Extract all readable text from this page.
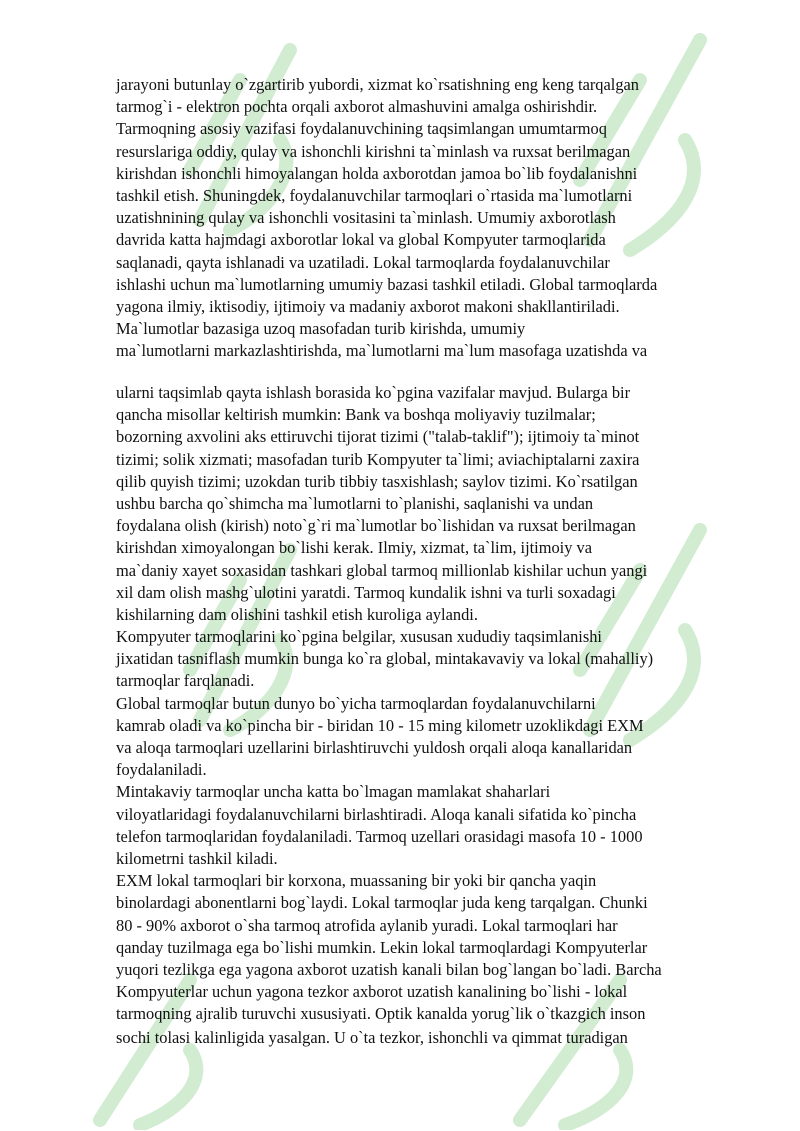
jarayoni butunlay o`zgartirib yubordi, xizmat ko`rsatishning eng keng tarqalgan
tarmog`i - elektron pochta orqali axborot almashuvini amalga oshirishdir.
Tarmoqning asosiy vazifasi foydalanuvchining taqsimlangan umumtarmoq
resurslariga oddiy, qulay va ishonchli kirishni ta`minlash va ruxsat berilmagan
kirishdan ishonchli himoyalangan holda axborotdan jamoa bo`lib foydalanishni
tashkil etish. Shuningdek, foydalanuvchilar tarmoqlari o`rtasida ma`lumotlarni
uzatishnining qulay va ishonchli vositasini ta`minlash. Umumiy axborotlash
davrida katta hajmdagi axborotlar lokal va global Kompyuter tarmoqlarida
saqlanadi, qayta ishlanadi va uzatiladi. Lokal tarmoqlarda foydalanuvchilar
ishlashi uchun ma`lumotlarning umumiy bazasi tashkil etiladi. Global tarmoqlarda
yagona ilmiy, iktisodiy, ijtimoiy va madaniy axborot makoni shakllantiriladi.
Ma`lumotlar bazasiga uzoq masofadan turib kirishda, umumiy
ma`lumotlarni markazlashtirishda, ma`lumotlarni ma`lum masofaga uzatishda va
ularni taqsimlab qayta ishlash borasida ko`pgina vazifalar mavjud. Bularga bir
qancha misollar keltirish mumkin: Bank va boshqa moliyaviy tuzilmalar;
bozorning axvolini aks ettiruvchi tijorat tizimi ("talab-taklif"); ijtimoiy ta`minot
tizimi; solik xizmati; masofadan turib Kompyuter ta`limi; aviachiptalarni zaxira
qilib quyish tizimi; uzokdan turib tibbiy tasxishlash; saylov tizimi. Ko`rsatilgan
ushbu barcha qo`shimcha ma`lumotlarni to`planishi, saqlanishi va undan
foydalana olish (kirish) noto`g`ri ma`lumotlar bo`lishidan va ruxsat berilmagan
kirishdan ximoyalongan bo`lishi kerak. Ilmiy, xizmat, ta`lim, ijtimoiy va
ma`daniy xayet soxasidan tashkari global tarmoq millionlab kishilar uchun yangi
xil dam olish mashg`ulotini yaratdi. Tarmoq kundalik ishni va turli soxadagi
kishilarning dam olishini tashkil etish kuroliga aylandi.
Kompyuter tarmoqlarini ko`pgina belgilar, xususan xududiy taqsimlanishi
jixatidan tasniflash mumkin bunga ko`ra global, mintakavaviy va lokal (mahalliy)
tarmoqlar farqlanadi.
Global tarmoqlar butun dunyo bo`yicha tarmoqlardan foydalanuvchilarni
kamrab oladi va ko`pincha bir - biridan 10 - 15 ming kilometr uzoklikdagi EXM
va aloqa tarmoqlari uzellarini birlashtiruvchi yuldosh orqali aloqa kanallaridan
foydalaniladi.
Mintakaviy tarmoqlar uncha katta bo`lmagan mamlakat shaharlari
viloyatlaridagi foydalanuvchilarni birlashtiradi. Aloqa kanali sifatida ko`pincha
telefon tarmoqlaridan foydalaniladi. Tarmoq uzellari orasidagi masofa 10 - 1000
kilometrni tashkil kiladi.
EXM lokal tarmoqlari bir korxona, muassaning bir yoki bir qancha yaqin
binolardagi abonentlarni bog`laydi. Lokal tarmoqlar juda keng tarqalgan. Chunki
80 - 90% axborot o`sha tarmoq atrofida aylanib yuradi. Lokal tarmoqlari har
qanday tuzilmaga ega bo`lishi mumkin. Lekin lokal tarmoqlardagi Kompyuterlar
yuqori tezlikga ega yagona axborot uzatish kanali bilan bog`langan bo`ladi. Barcha
Kompyuterlar uchun yagona tezkor axborot uzatish kanalining bo`lishi - lokal
tarmoqning ajralib turuvchi xususiyati. Optik kanalda yorug`lik o`tkazgich inson
sochi tolasi kalinligida yasalgan. U o`ta tezkor, ishonchli va qimmat turadigan
